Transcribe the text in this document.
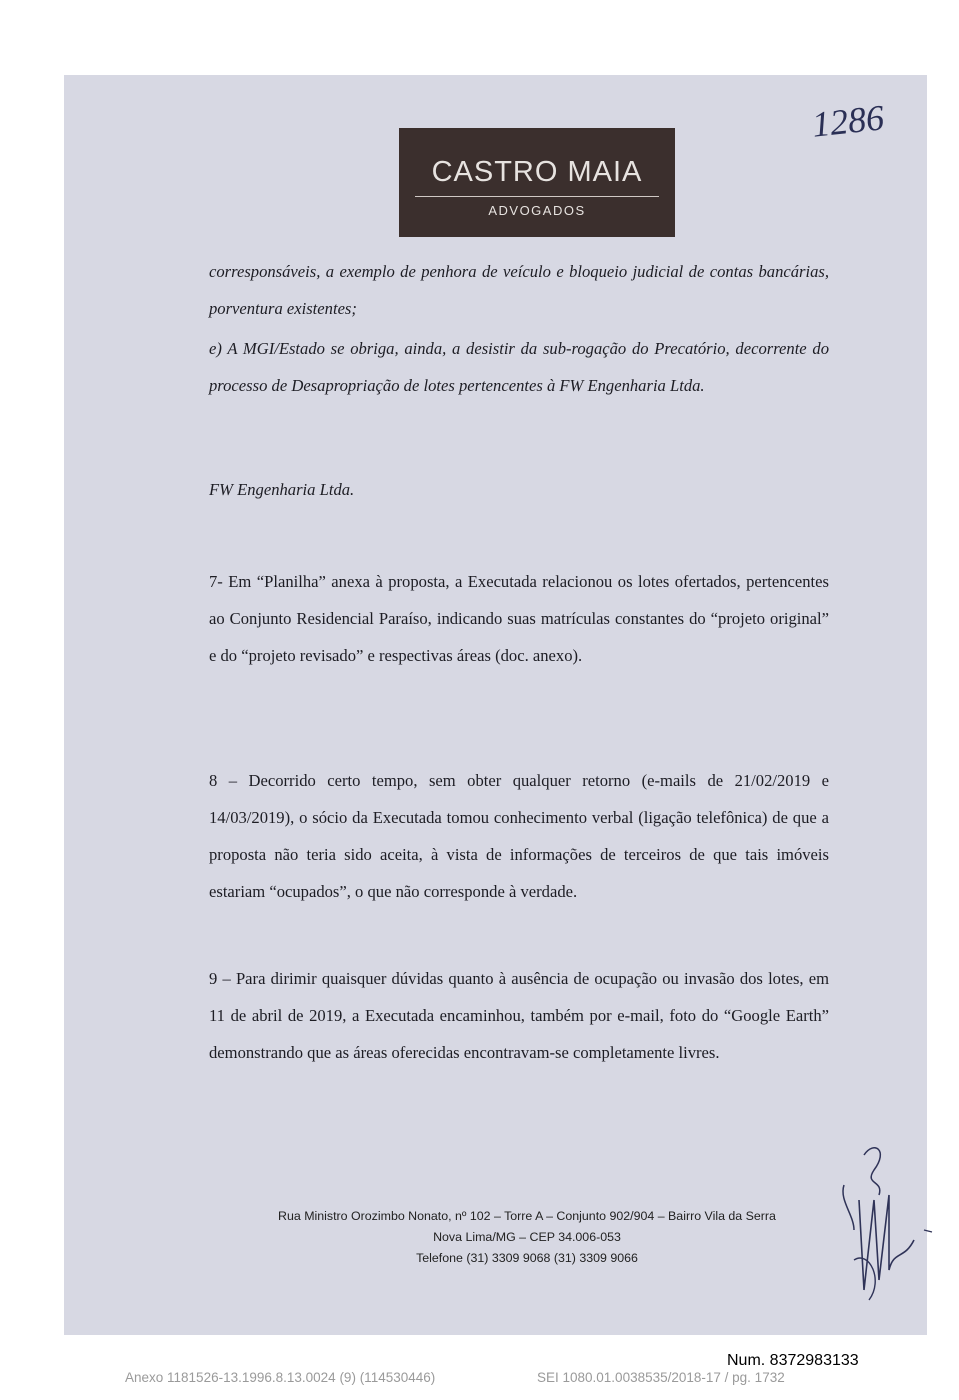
CASTRO MAIA
ADVOGADOS
1286

corresponsáveis, a exemplo de penhora de veículo e bloqueio judicial de contas bancárias, porventura existentes;

e) A MGI/Estado se obriga, ainda, a desistir da sub-rogação do Precatório, decorrente do processo de Desapropriação de lotes pertencentes à FW Engenharia Ltda.

FW Engenharia Ltda.

7- Em “Planilha” anexa à proposta, a Executada relacionou os lotes ofertados, pertencentes ao Conjunto Residencial Paraíso, indicando suas matrículas constantes do “projeto original” e do “projeto revisado” e respectivas áreas (doc. anexo).

8 – Decorrido certo tempo, sem obter qualquer retorno (e-mails de 21/02/2019 e 14/03/2019), o sócio da Executada tomou conhecimento verbal (ligação telefônica) de que a proposta não teria sido aceita, à vista de informações de terceiros de que tais imóveis estariam “ocupados”, o que não corresponde à verdade.

9 – Para dirimir quaisquer dúvidas quanto à ausência de ocupação ou invasão dos lotes, em 11 de abril de 2019, a Executada encaminhou, também por e-mail, foto do “Google Earth” demonstrando que as áreas oferecidas encontravam-se completamente livres.

Rua Ministro Orozimbo Nonato, nº 102 – Torre A – Conjunto 902/904 – Bairro Vila da Serra
Nova Lima/MG – CEP 34.006-053
Telefone (31) 3309 9068 (31) 3309 9066
Num. 8372983133
Anexo 1181526-13.1996.8.13.0024 (9) (114530446)	SEI 1080.01.0038535/2018-17 / pg. 1732
